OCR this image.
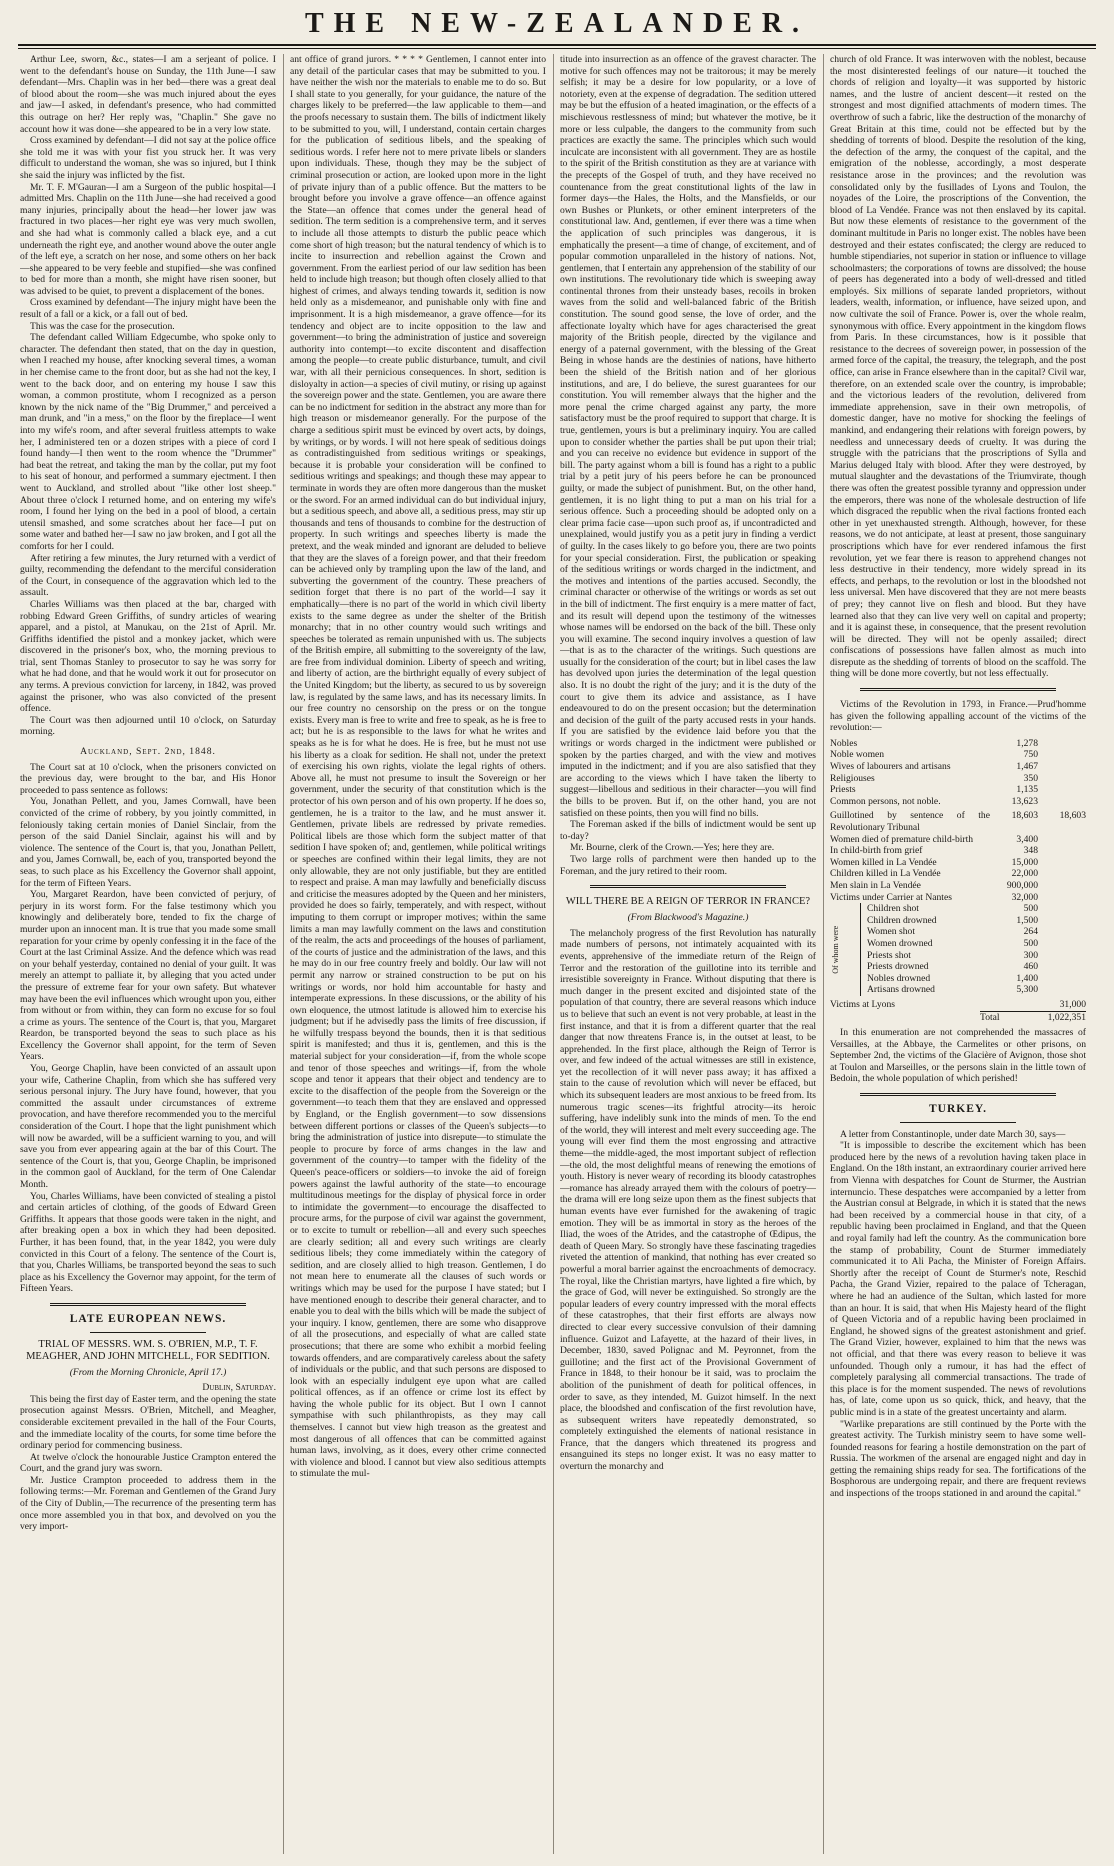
THE NEW-ZEALANDER.

Arthur Lee, sworn, &c., states—I am a serjeant of police. I went to the defendant's house on Sunday, the 11th June—I saw defendant—Mrs. Chaplin was in her bed—there was a great deal of blood about the room—she was much injured about the eyes and jaw—I asked, in defendant's presence, who had committed this outrage on her? Her reply was, "Chaplin." She gave no account how it was done—she appeared to be in a very low state.

Cross examined by defendant—I did not say at the police office she told me it was with your fist you struck her. It was very difficult to understand the woman, she was so injured, but I think she said the injury was inflicted by the fist.

Mr. T. F. M'Gauran—I am a Surgeon of the public hospital—I admitted Mrs. Chaplin on the 11th June—she had received a good many injuries, principally about the head—her lower jaw was fractured in two places—her right eye was very much swollen, and she had what is commonly called a black eye, and a cut underneath the right eye, and another wound above the outer angle of the left eye, a scratch on her nose, and some others on her back—she appeared to be very feeble and stupified—she was confined to bed for more than a month, she might have risen sooner, but was advised to be quiet, to prevent a displacement of the bones.

Cross examined by defendant—The injury might have been the result of a fall or a kick, or a fall out of bed.

This was the case for the prosecution.

The defendant called William Edgecumbe, who spoke only to character. The defendant then stated, that on the day in question, when I reached my house, after knocking several times, a woman in her chemise came to the front door, but as she had not the key, I went to the back door, and on entering my house I saw this woman, a common prostitute, whom I recognized as a person known by the nick name of the "Big Drummer," and perceived a man drunk, and "in a mess," on the floor by the fireplace—I went into my wife's room, and after several fruitless attempts to wake her, I administered ten or a dozen stripes with a piece of cord I found handy—I then went to the room whence the "Drummer" had beat the retreat, and taking the man by the collar, put my foot to his seat of honour, and performed a summary ejectment. I then went to Auckland, and strolled about "like other lost sheep." About three o'clock I returned home, and on entering my wife's room, I found her lying on the bed in a pool of blood, a certain utensil smashed, and some scratches about her face—I put on some water and bathed her—I saw no jaw broken, and I got all the comforts for her I could.

After retiring a few minutes, the Jury returned with a verdict of guilty, recommending the defendant to the merciful consideration of the Court, in consequence of the aggravation which led to the assault.

Charles Williams was then placed at the bar, charged with robbing Edward Green Griffiths, of sundry articles of wearing apparel, and a pistol, at Manukau, on the 21st of April. Mr. Griffiths identified the pistol and a monkey jacket, which were discovered in the prisoner's box, who, the morning previous to trial, sent Thomas Stanley to prosecutor to say he was sorry for what he had done, and that he would work it out for prosecutor on any terms. A previous conviction for larceny, in 1842, was proved against the prisoner, who was also convicted of the present offence.

The Court was then adjourned until 10 o'clock, on Saturday morning.

Auckland, Sept. 2nd, 1848.

The Court sat at 10 o'clock, when the prisoners convicted on the previous day, were brought to the bar, and His Honor proceeded to pass sentence as follows:

You, Jonathan Pellett, and you, James Cornwall, have been convicted of the crime of robbery, by you jointly committed, in feloniously taking certain monies of Daniel Sinclair, from the person of the said Daniel Sinclair, against his will and by violence. The sentence of the Court is, that you, Jonathan Pellett, and you, James Cornwall, be, each of you, transported beyond the seas, to such place as his Excellency the Governor shall appoint, for the term of Fifteen Years.

You, Margaret Reardon, have been convicted of perjury, of perjury in its worst form. For the false testimony which you knowingly and deliberately bore, tended to fix the charge of murder upon an innocent man. It is true that you made some small reparation for your crime by openly confessing it in the face of the Court at the last Criminal Assize. And the defence which was read on your behalf yesterday, contained no denial of your guilt. It was merely an attempt to palliate it, by alleging that you acted under the pressure of extreme fear for your own safety. But whatever may have been the evil influences which wrought upon you, either from without or from within, they can form no excuse for so foul a crime as yours. The sentence of the Court is, that you, Margaret Reardon, be transported beyond the seas to such place as his Excellency the Governor shall appoint, for the term of Seven Years.

You, George Chaplin, have been convicted of an assault upon your wife, Catherine Chaplin, from which she has suffered very serious personal injury. The Jury have found, however, that you committed the assault under circumstances of extreme provocation, and have therefore recommended you to the merciful consideration of the Court. I hope that the light punishment which will now be awarded, will be a sufficient warning to you, and will save you from ever appearing again at the bar of this Court. The sentence of the Court is, that you, George Chaplin, be imprisoned in the common gaol of Auckland, for the term of One Calendar Month.

You, Charles Williams, have been convicted of stealing a pistol and certain articles of clothing, of the goods of Edward Green Griffiths. It appears that those goods were taken in the night, and after breaking open a box in which they had been deposited. Further, it has been found, that, in the year 1842, you were duly convicted in this Court of a felony. The sentence of the Court is, that you, Charles Williams, be transported beyond the seas to such place as his Excellency the Governor may appoint, for the term of Fifteen Years.

LATE EUROPEAN NEWS.

TRIAL OF MESSRS. WM. S. O'BRIEN, M.P., T. F. MEAGHER, AND JOHN MITCHELL, FOR SEDITION.

(From the Morning Chronicle, April 17.)

Dublin, Saturday.

This being the first day of Easter term, and the opening the state prosecution against Messrs. O'Brien, Mitchell, and Meagher, considerable excitement prevailed in the hall of the Four Courts, and the immediate locality of the courts, for some time before the ordinary period for commencing business.

At twelve o'clock the honourable Justice Crampton entered the Court, and the grand jury was sworn.

Mr. Justice Crampton proceeded to address them in the following terms:—Mr. Foreman and Gentlemen of the Grand Jury of the City of Dublin,—The recurrence of the presenting term has once more assembled you in that box, and devolved on you the very import-

ant office of grand jurors. * * * * Gentlemen, I cannot enter into any detail of the particular cases that may be submitted to you. I have neither the wish nor the materials to enable me to do so. But I shall state to you generally, for your guidance, the nature of the charges likely to be preferred—the law applicable to them—and the proofs necessary to sustain them. The bills of indictment likely to be submitted to you, will, I understand, contain certain charges for the publication of seditious libels, and the speaking of seditious words. I refer here not to mere private libels or slanders upon individuals. These, though they may be the subject of criminal prosecution or action, are looked upon more in the light of private injury than of a public offence. But the matters to be brought before you involve a grave offence—an offence against the State—an offence that comes under the general head of sedition. The term sedition is a comprehensive term, and it serves to include all those attempts to disturb the public peace which come short of high treason; but the natural tendency of which is to incite to insurrection and rebellion against the Crown and government. From the earliest period of our law sedition has been held to include high treason; but though often closely allied to that highest of crimes, and always tending towards it, sedition is now held only as a misdemeanor, and punishable only with fine and imprisonment. It is a high misdemeanor, a grave offence—for its tendency and object are to incite opposition to the law and government—to bring the administration of justice and sovereign authority into contempt—to excite discontent and disaffection among the people—to create public disturbance, tumult, and civil war, with all their pernicious consequences. In short, sedition is disloyalty in action—a species of civil mutiny, or rising up against the sovereign power and the state. Gentlemen, you are aware there can be no indictment for sedition in the abstract any more than for high treason or misdemeanor generally. For the purpose of the charge a seditious spirit must be evinced by overt acts, by doings, by writings, or by words. I will not here speak of seditious doings as contradistinguished from seditious writings or speakings, because it is probable your consideration will be confined to seditious writings and speakings; and though these may appear to terminate in words they are often more dangerous than the musket or the sword. For an armed individual can do but individual injury, but a seditious speech, and above all, a seditious press, may stir up thousands and tens of thousands to combine for the destruction of property. In such writings and speeches liberty is made the pretext, and the weak minded and ignorant are deluded to believe that they are the slaves of a foreign power, and that their freedom can be achieved only by trampling upon the law of the land, and subverting the government of the country. These preachers of sedition forget that there is no part of the world—I say it emphatically—there is no part of the world in which civil liberty exists to the same degree as under the shelter of the British monarchy; that in no other country would such writings and speeches be tolerated as remain unpunished with us. The subjects of the British empire, all submitting to the sovereignty of the law, are free from individual dominion. Liberty of speech and writing, and liberty of action, are the birthright equally of every subject of the United Kingdom; but the liberty, as secured to us by sovereign law, is regulated by the same laws, and has its necessary limits. In our free country no censorship on the press or on the tongue exists. Every man is free to write and free to speak, as he is free to act; but he is as responsible to the laws for what he writes and speaks as he is for what he does. He is free, but he must not use his liberty as a cloak for sedition. He shall not, under the pretext of exercising his own rights, violate the legal rights of others. Above all, he must not presume to insult the Sovereign or her government, under the security of that constitution which is the protector of his own person and of his own property. If he does so, gentlemen, he is a traitor to the law, and he must answer it. Gentlemen, private libels are redressed by private remedies. Political libels are those which form the subject matter of that sedition I have spoken of; and, gentlemen, while political writings or speeches are confined within their legal limits, they are not only allowable, they are not only justifiable, but they are entitled to respect and praise. A man may lawfully and beneficially discuss and criticise the measures adopted by the Queen and her ministers, provided he does so fairly, temperately, and with respect, without imputing to them corrupt or improper motives; within the same limits a man may lawfully comment on the laws and constitution of the realm, the acts and proceedings of the houses of parliament, of the courts of justice and the administration of the laws, and this he may do in our free country freely and boldly. Our law will not permit any narrow or strained construction to be put on his writings or words, nor hold him accountable for hasty and intemperate expressions. In these discussions, or the ability of his own eloquence, the utmost latitude is allowed him to exercise his judgment; but if he advisedly pass the limits of free discussion, if he wilfully trespass beyond the bounds, then it is that seditious spirit is manifested; and thus it is, gentlemen, and this is the material subject for your consideration—if, from the whole scope and tenor of those speeches and writings—if, from the whole scope and tenor it appears that their object and tendency are to excite to the disaffection of the people from the Sovereign or the government—to teach them that they are enslaved and oppressed by England, or the English government—to sow dissensions between different portions or classes of the Queen's subjects—to bring the administration of justice into disrepute—to stimulate the people to procure by force of arms changes in the law and government of the country—to tamper with the fidelity of the Queen's peace-officers or soldiers—to invoke the aid of foreign powers against the lawful authority of the state—to encourage multitudinous meetings for the display of physical force in order to intimidate the government—to encourage the disaffected to procure arms, for the purpose of civil war against the government, or to excite to tumult or rebellion—all and every such speeches are clearly sedition; all and every such writings are clearly seditious libels; they come immediately within the category of sedition, and are closely allied to high treason. Gentlemen, I do not mean here to enumerate all the clauses of such words or writings which may be used for the purpose I have stated; but I have mentioned enough to describe their general character, and to enable you to deal with the bills which will be made the subject of your inquiry. I know, gentlemen, there are some who disapprove of all the prosecutions, and especially of what are called state prosecutions; that there are some who exhibit a morbid feeling towards offenders, and are comparatively careless about the safety of individuals or the public, and that such persons are disposed to look with an especially indulgent eye upon what are called political offences, as if an offence or crime lost its effect by having the whole public for its object. But I own I cannot sympathise with such philanthropists, as they may call themselves. I cannot but view high treason as the greatest and most dangerous of all offences that can be committed against human laws, involving, as it does, every other crime connected with violence and blood. I cannot but view also seditious attempts to stimulate the mul-

titude into insurrection as an offence of the gravest character. The motive for such offences may not be traitorous; it may be merely selfish; it may be a desire for low popularity, or a love of notoriety, even at the expense of degradation. The sedition uttered may be but the effusion of a heated imagination, or the effects of a mischievous restlessness of mind; but whatever the motive, be it more or less culpable, the dangers to the community from such practices are exactly the same. The principles which such would inculcate are inconsistent with all government. They are as hostile to the spirit of the British constitution as they are at variance with the precepts of the Gospel of truth, and they have received no countenance from the great constitutional lights of the law in former days—the Hales, the Holts, and the Mansfields, or our own Bushes or Plunkets, or other eminent interpreters of the constitutional law. And, gentlemen, if ever there was a time when the application of such principles was dangerous, it is emphatically the present—a time of change, of excitement, and of popular commotion unparalleled in the history of nations. Not, gentlemen, that I entertain any apprehension of the stability of our own institutions. The revolutionary tide which is sweeping away continental thrones from their unsteady bases, recoils in broken waves from the solid and well-balanced fabric of the British constitution. The sound good sense, the love of order, and the affectionate loyalty which have for ages characterised the great majority of the British people, directed by the vigilance and energy of a paternal government, with the blessing of the Great Being in whose hands are the destinies of nations, have hitherto been the shield of the British nation and of her glorious institutions, and are, I do believe, the surest guarantees for our constitution. You will remember always that the higher and the more penal the crime charged against any party, the more satisfactory must be the proof required to support that charge. It is true, gentlemen, yours is but a preliminary inquiry. You are called upon to consider whether the parties shall be put upon their trial; and you can receive no evidence but evidence in support of the bill. The party against whom a bill is found has a right to a public trial by a petit jury of his peers before he can be pronounced guilty, or made the subject of punishment. But, on the other hand, gentlemen, it is no light thing to put a man on his trial for a serious offence. Such a proceeding should be adopted only on a clear prima facie case—upon such proof as, if uncontradicted and unexplained, would justify you as a petit jury in finding a verdict of guilty. In the cases likely to go before you, there are two points for your special consideration. First, the publication or speaking of the seditious writings or words charged in the indictment, and the motives and intentions of the parties accused. Secondly, the criminal character or otherwise of the writings or words as set out in the bill of indictment. The first enquiry is a mere matter of fact, and its result will depend upon the testimony of the witnesses whose names will be endorsed on the back of the bill. These only you will examine. The second inquiry involves a question of law—that is as to the character of the writings. Such questions are usually for the consideration of the court; but in libel cases the law has devolved upon juries the determination of the legal question also. It is no doubt the right of the jury; and it is the duty of the court to give them its advice and assistance, as I have endeavoured to do on the present occasion; but the determination and decision of the guilt of the party accused rests in your hands. If you are satisfied by the evidence laid before you that the writings or words charged in the indictment were published or spoken by the parties charged, and with the view and motives imputed in the indictment; and if you are also satisfied that they are according to the views which I have taken the liberty to suggest—libellous and seditious in their character—you will find the bills to be proven. But if, on the other hand, you are not satisfied on these points, then you will find no bills.

The Foreman asked if the bills of indictment would be sent up to-day?

Mr. Bourne, clerk of the Crown.—Yes; here they are.

Two large rolls of parchment were then handed up to the Foreman, and the jury retired to their room.

WILL THERE BE A REIGN OF TERROR IN FRANCE?

(From Blackwood's Magazine.)

The melancholy progress of the first Revolution has naturally made numbers of persons, not intimately acquainted with its events, apprehensive of the immediate return of the Reign of Terror and the restoration of the guillotine into its terrible and irresistible sovereignty in France. Without disputing that there is much danger in the present excited and disjointed state of the population of that country, there are several reasons which induce us to believe that such an event is not very probable, at least in the first instance, and that it is from a different quarter that the real danger that now threatens France is, in the outset at least, to be apprehended. In the first place, although the Reign of Terror is over, and few indeed of the actual witnesses are still in existence, yet the recollection of it will never pass away; it has affixed a stain to the cause of revolution which will never be effaced, but which its subsequent leaders are most anxious to be freed from. Its numerous tragic scenes—its frightful atrocity—its heroic suffering, have indelibly sunk into the minds of men. To the end of the world, they will interest and melt every succeeding age. The young will ever find them the most engrossing and attractive theme—the middle-aged, the most important subject of reflection—the old, the most delightful means of renewing the emotions of youth. History is never weary of recording its bloody catastrophes—romance has already arrayed them with the colours of poetry—the drama will ere long seize upon them as the finest subjects that human events have ever furnished for the awakening of tragic emotion. They will be as immortal in story as the heroes of the Iliad, the woes of the Atrides, and the catastrophe of Œdipus, the death of Queen Mary. So strongly have these fascinating tragedies riveted the attention of mankind, that nothing has ever created so powerful a moral barrier against the encroachments of democracy. The royal, like the Christian martyrs, have lighted a fire which, by the grace of God, will never be extinguished. So strongly are the popular leaders of every country impressed with the moral effects of these catastrophes, that their first efforts are always now directed to clear every successive convulsion of their damning influence. Guizot and Lafayette, at the hazard of their lives, in December, 1830, saved Polignac and M. Peyronnet, from the guillotine; and the first act of the Provisional Government of France in 1848, to their honour be it said, was to proclaim the abolition of the punishment of death for political offences, in order to save, as they intended, M. Guizot himself. In the next place, the bloodshed and confiscation of the first revolution have, as subsequent writers have repeatedly demonstrated, so completely extinguished the elements of national resistance in France, that the dangers which threatened its progress and ensanguined its steps no longer exist. It was no easy matter to overturn the monarchy and

church of old France. It was interwoven with the noblest, because the most disinterested feelings of our nature—it touched the chords of religion and loyalty—it was supported by historic names, and the lustre of ancient descent—it rested on the strongest and most dignified attachments of modern times. The overthrow of such a fabric, like the destruction of the monarchy of Great Britain at this time, could not be effected but by the shedding of torrents of blood. Despite the resolution of the king, the defection of the army, the conquest of the capital, and the emigration of the noblesse, accordingly, a most desperate resistance arose in the provinces; and the revolution was consolidated only by the fusillades of Lyons and Toulon, the noyades of the Loire, the proscriptions of the Convention, the blood of La Vendée. France was not then enslaved by its capital. But now these elements of resistance to the government of the dominant multitude in Paris no longer exist. The nobles have been destroyed and their estates confiscated; the clergy are reduced to humble stipendiaries, not superior in station or influence to village schoolmasters; the corporations of towns are dissolved; the house of peers has degenerated into a body of well-dressed and titled employés. Six millions of separate landed proprietors, without leaders, wealth, information, or influence, have seized upon, and now cultivate the soil of France. Power is, over the whole realm, synonymous with office. Every appointment in the kingdom flows from Paris. In these circumstances, how is it possible that resistance to the decrees of sovereign power, in possession of the armed force of the capital, the treasury, the telegraph, and the post office, can arise in France elsewhere than in the capital? Civil war, therefore, on an extended scale over the country, is improbable; and the victorious leaders of the revolution, delivered from immediate apprehension, save in their own metropolis, of domestic danger, have no motive for shocking the feelings of mankind, and endangering their relations with foreign powers, by needless and unnecessary deeds of cruelty. It was during the struggle with the patricians that the proscriptions of Sylla and Marius deluged Italy with blood. After they were destroyed, by mutual slaughter and the devastations of the Triumvirate, though there was often the greatest possible tyranny and oppression under the emperors, there was none of the wholesale destruction of life which disgraced the republic when the rival factions fronted each other in yet unexhausted strength. Although, however, for these reasons, we do not anticipate, at least at present, those sanguinary proscriptions which have for ever rendered infamous the first revolution, yet we fear there is reason to apprehend changes not less destructive in their tendency, more widely spread in its effects, and perhaps, to the revolution or lost in the bloodshed not less universal. Men have discovered that they are not mere beasts of prey; they cannot live on flesh and blood. But they have learned also that they can live very well on capital and property; and it is against these, in consequence, that the present revolution will be directed. They will not be openly assailed; direct confiscations of possessions have fallen almost as much into disrepute as the shedding of torrents of blood on the scaffold. The thing will be done more covertly, but not less effectually.

Victims of the Revolution in 1793, in France.—Prud'homme has given the following appalling account of the victims of the revolution:—

Nobles	1,278
Noble women	750
Wives of labourers and artisans	1,467
Religiouses	350
Priests	1,135
Common persons, not noble.	13,623
Guillotined by sentence of the Revolutionary Tribunal
18,603	18,603
Women died of premature child-birth	3,400
In child-birth from grief	348
Women killed in La Vendée	15,000
Children killed in La Vendée	22,000
Men slain in La Vendée	900,000
Victims under Carrier at Nantes	32,000
Of whom were
Children shot	500
Children drowned	1,500
Women shot	264
Women drowned	500
Priests shot	300
Priests drowned	460
Nobles drowned	1,400
Artisans drowned	5,300
Victims at Lyons	31,000
Total	1,022,351

In this enumeration are not comprehended the massacres of Versailles, at the Abbaye, the Carmelites or other prisons, on September 2nd, the victims of the Glacière of Avignon, those shot at Toulon and Marseilles, or the persons slain in the little town of Bedoin, the whole population of which perished!

TURKEY.

A letter from Constantinople, under date March 30, says—

"It is impossible to describe the excitement which has been produced here by the news of a revolution having taken place in England. On the 18th instant, an extraordinary courier arrived here from Vienna with despatches for Count de Sturmer, the Austrian internuncio. These despatches were accompanied by a letter from the Austrian consul at Belgrade, in which it is stated that the news had been received by a commercial house in that city, of a republic having been proclaimed in England, and that the Queen and royal family had left the country. As the communication bore the stamp of probability, Count de Sturmer immediately communicated it to Ali Pacha, the Minister of Foreign Affairs. Shortly after the receipt of Count de Sturmer's note, Reschid Pacha, the Grand Vizier, repaired to the palace of Tcheragan, where he had an audience of the Sultan, which lasted for more than an hour. It is said, that when His Majesty heard of the flight of Queen Victoria and of a republic having been proclaimed in England, he showed signs of the greatest astonishment and grief. The Grand Vizier, however, explained to him that the news was not official, and that there was every reason to believe it was unfounded. Though only a rumour, it has had the effect of completely paralysing all commercial transactions. The trade of this place is for the moment suspended. The news of revolutions has, of late, come upon us so quick, thick, and heavy, that the public mind is in a state of the greatest uncertainty and alarm.

"Warlike preparations are still continued by the Porte with the greatest activity. The Turkish ministry seem to have some well-founded reasons for fearing a hostile demonstration on the part of Russia. The workmen of the arsenal are engaged night and day in getting the remaining ships ready for sea. The fortifications of the Bosphorous are undergoing repair, and there are frequent reviews and inspections of the troops stationed in and around the capital."
